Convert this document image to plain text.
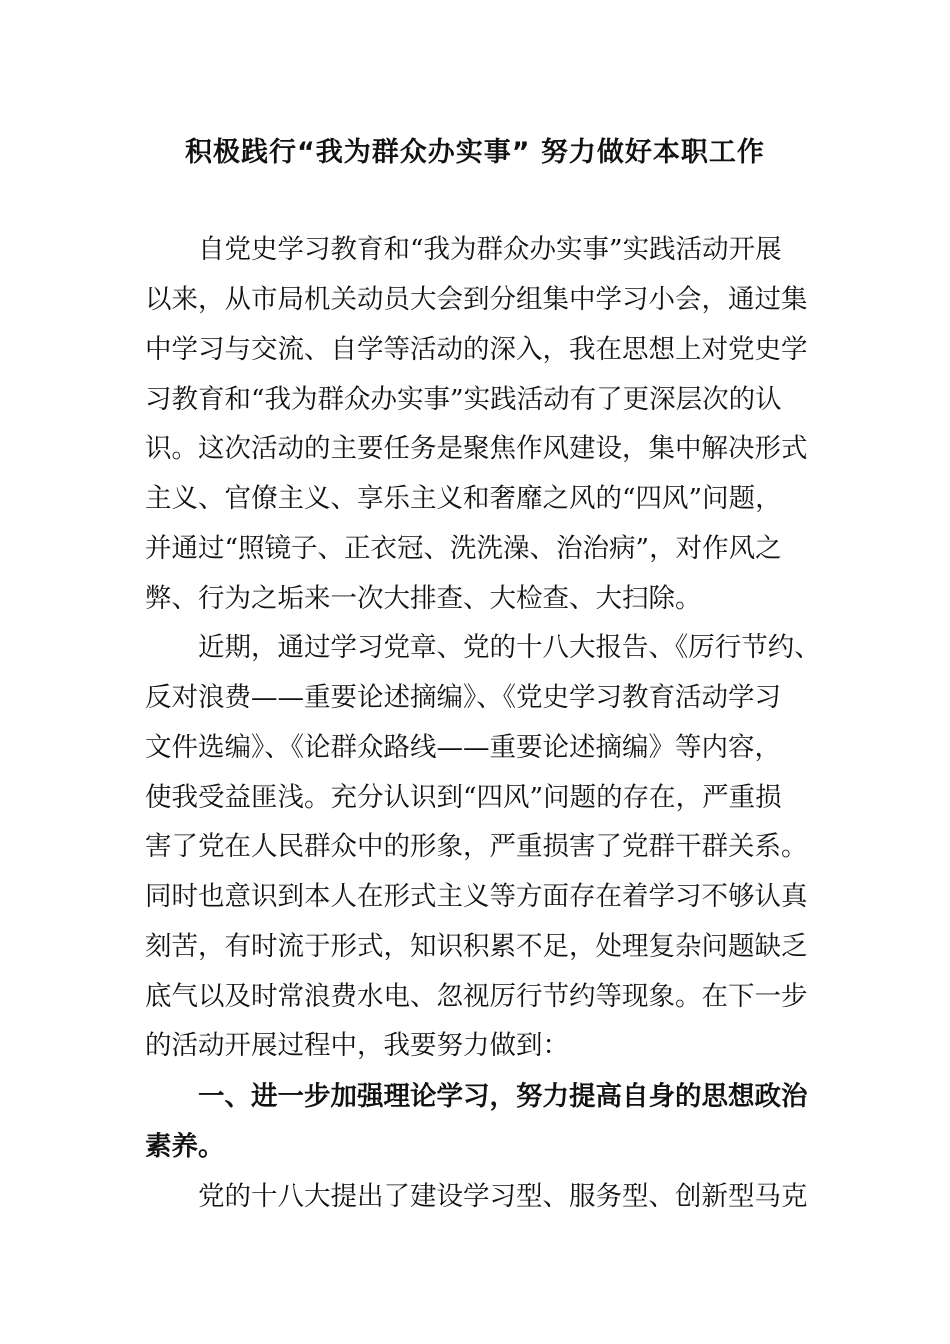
积极践行“我为群众办实事” 努力做好本职工作
自党史学习教育和“我为群众办实事”实践活动开展
以来，从市局机关动员大会到分组集中学习小会，通过集
中学习与交流、自学等活动的深入，我在思想上对党史学
习教育和“我为群众办实事”实践活动有了更深层次的认
识。这次活动的主要任务是聚焦作风建设，集中解决形式
主义、官僚主义、享乐主义和奢靡之风的“四风”问题，
并通过“照镜子、正衣冠、洗洗澡、治治病”，对作风之
弊、行为之垢来一次大排查、大检查、大扫除。
近期，通过学习党章、党的十八大报告、《厉行节约、
反对浪费——重要论述摘编》、《党史学习教育活动学习
文件选编》、《论群众路线——重要论述摘编》等内容，
使我受益匪浅。充分认识到“四风”问题的存在，严重损
害了党在人民群众中的形象，严重损害了党群干群关系。
同时也意识到本人在形式主义等方面存在着学习不够认真
刻苦，有时流于形式，知识积累不足，处理复杂问题缺乏
底气以及时常浪费水电、忽视厉行节约等现象。在下一步
的活动开展过程中，我要努力做到：
一、进一步加强理论学习，努力提高自身的思想政治
素养。
党的十八大提出了建设学习型、服务型、创新型马克
